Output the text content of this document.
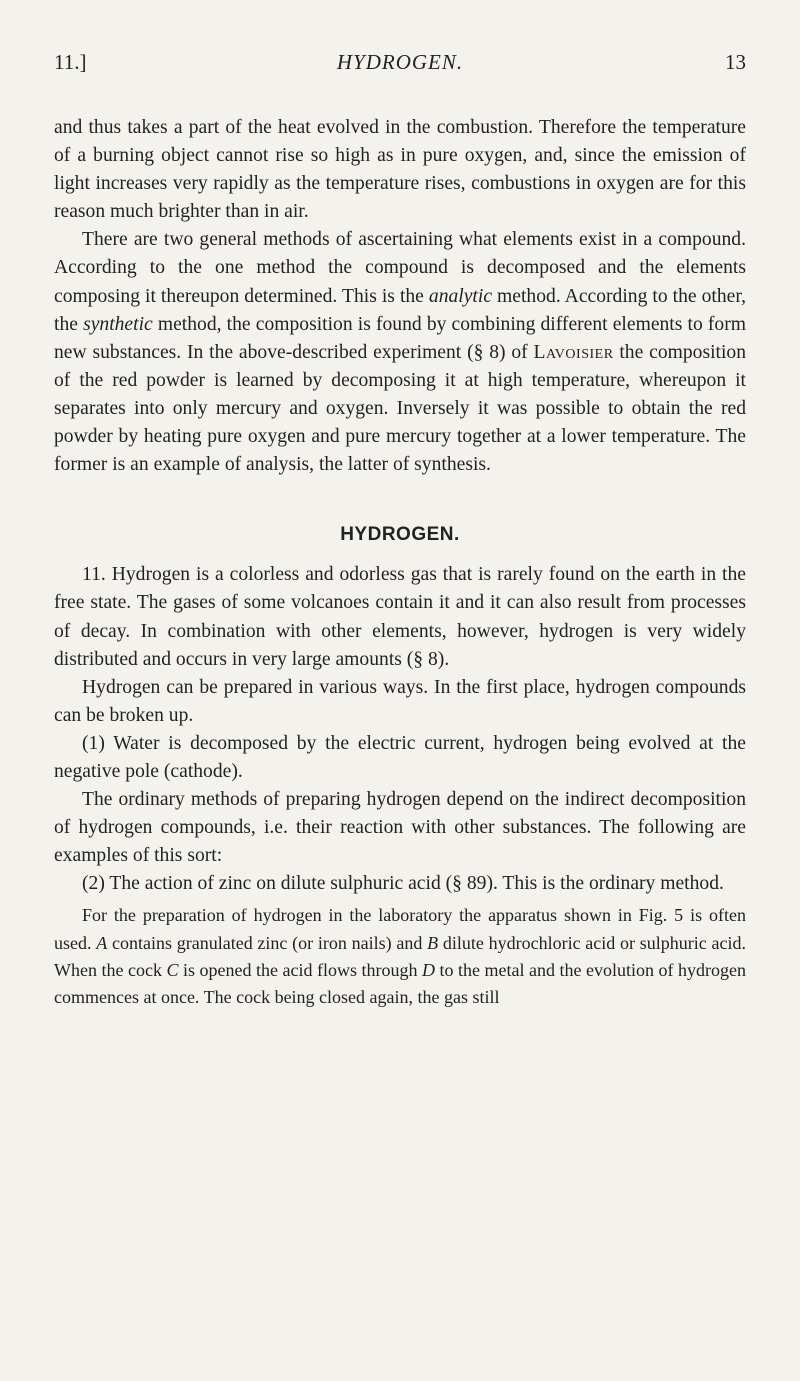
11.]	HYDROGEN.	13

and thus takes a part of the heat evolved in the combustion. Therefore the temperature of a burning object cannot rise so high as in pure oxygen, and, since the emission of light increases very rapidly as the temperature rises, combustions in oxygen are for this reason much brighter than in air.

There are two general methods of ascertaining what elements exist in a compound. According to the one method the compound is decomposed and the elements composing it thereupon determined. This is the analytic method. According to the other, the synthetic method, the composition is found by combining different elements to form new substances. In the above-described experiment (§ 8) of Lavoisier the composition of the red powder is learned by decomposing it at high temperature, whereupon it separates into only mercury and oxygen. Inversely it was possible to obtain the red powder by heating pure oxygen and pure mercury together at a lower temperature. The former is an example of analysis, the latter of synthesis.

HYDROGEN.

11. Hydrogen is a colorless and odorless gas that is rarely found on the earth in the free state. The gases of some volcanoes contain it and it can also result from processes of decay. In combination with other elements, however, hydrogen is very widely distributed and occurs in very large amounts (§ 8).

Hydrogen can be prepared in various ways. In the first place, hydrogen compounds can be broken up.

(1) Water is decomposed by the electric current, hydrogen being evolved at the negative pole (cathode).

The ordinary methods of preparing hydrogen depend on the indirect decomposition of hydrogen compounds, i.e. their reaction with other substances. The following are examples of this sort:

(2) The action of zinc on dilute sulphuric acid (§ 89). This is the ordinary method.

For the preparation of hydrogen in the laboratory the apparatus shown in Fig. 5 is often used. A contains granulated zinc (or iron nails) and B dilute hydrochloric acid or sulphuric acid. When the cock C is opened the acid flows through D to the metal and the evolution of hydrogen commences at once. The cock being closed again, the gas still
